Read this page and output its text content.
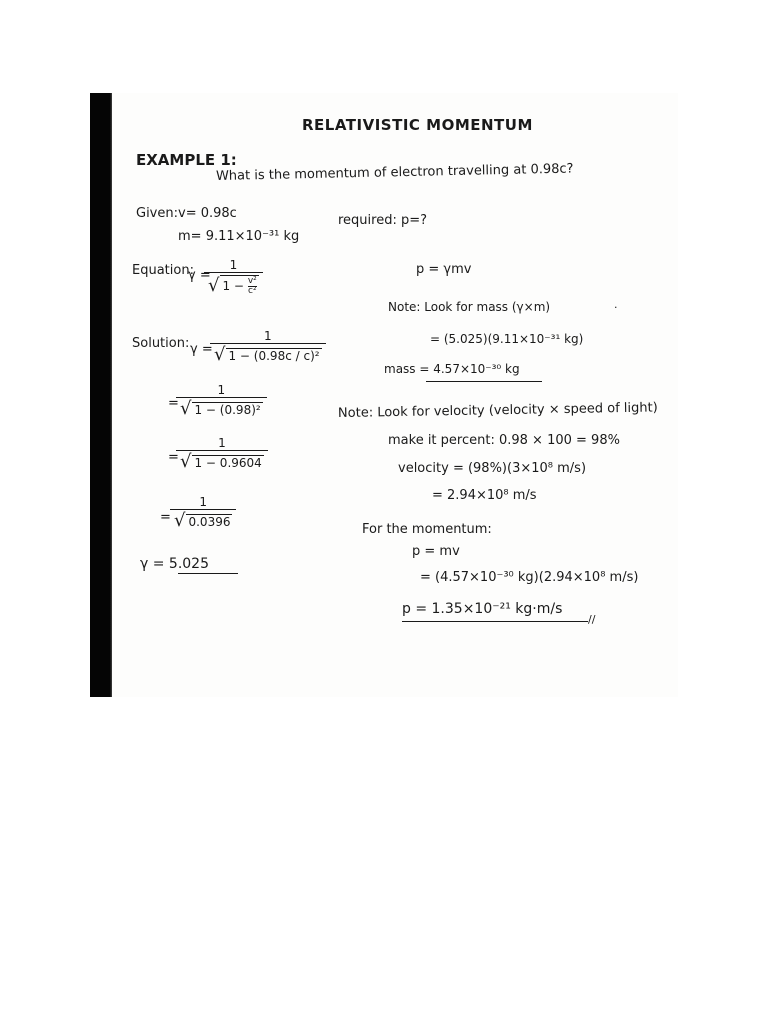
RELATIVISTIC MOMENTUM
EXAMPLE 1:
What is the momentum of electron travelling at 0.98c?
Given: v= 0.98c
m= 9.11×10⁻³¹ kg
required: p=?
Equation:
γ =
$\frac{1}{√ 1 - \frac{\text{v²}}{\text{c²}}}$	p = γmv
Note: Look for mass (γ×m)	·
= (5.025)(9.11×10⁻³¹ kg)
mass = 4.57×10⁻³⁰ kg
Solution: γ =
$\frac{1}{\text{√ 1 − (0.98c / c)²}}$
=
$\frac{1}{\text{√ 1 − (0.98)²}}$
=
$\frac{1}{√ 1 - 0.9604}$
= $\frac{1}{√ 0.0396}$
γ = 5.025
Note: Look for velocity (velocity × speed of light)
make it percent: 0.98 × 100 = 98%
velocity = (98%)(3×10⁸ m/s)
= 2.94×10⁸ m/s
For the momentum:
p = mv
= (4.57×10⁻³⁰ kg)(2.94×10⁸ m/s)
p = 1.35×10⁻²¹ kg·m/s
//
